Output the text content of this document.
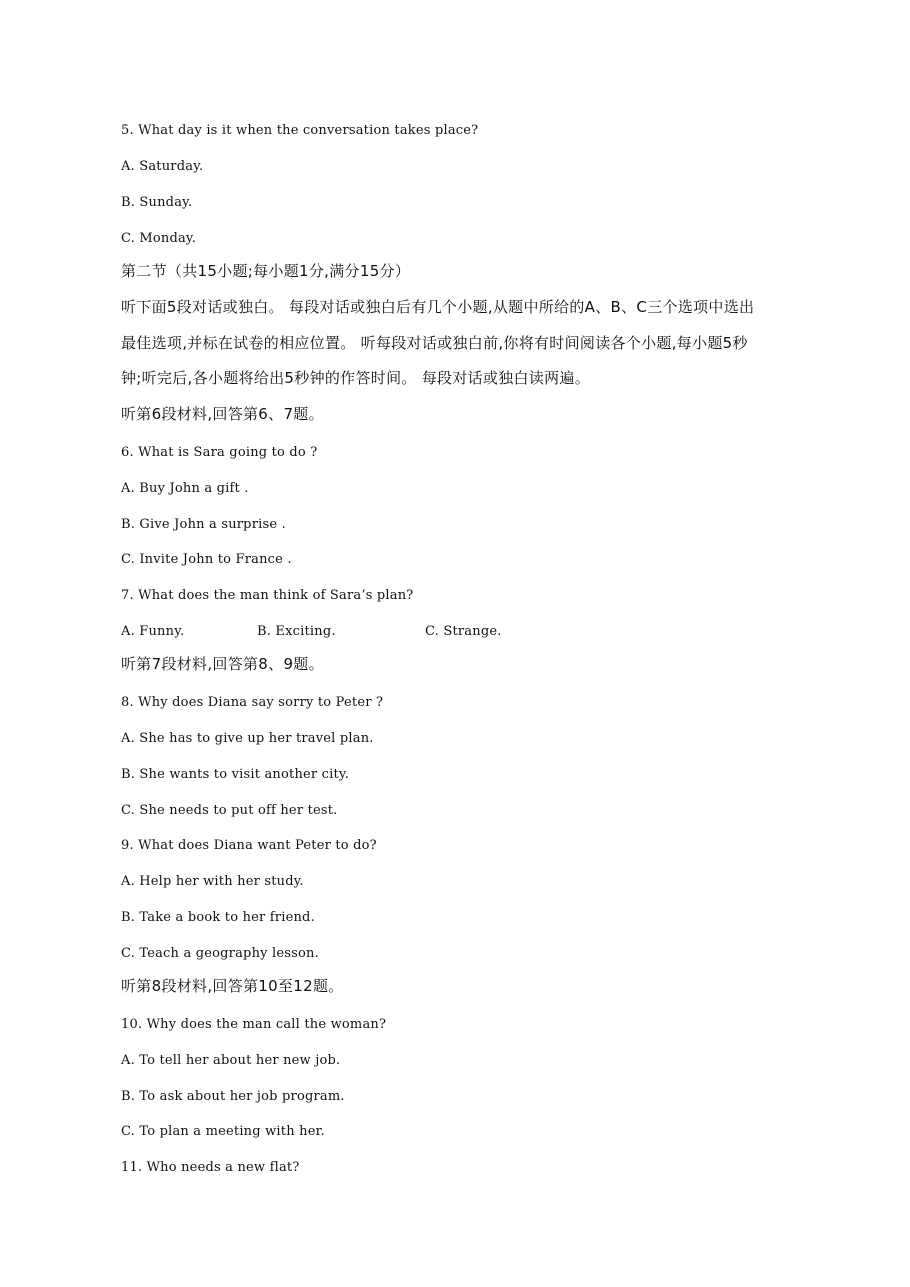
5. What day is it when the conversation takes place?
A. Saturday.
B. Sunday.
C. Monday.
第二节（共15小题;每小题1分,满分15分）
听下面5段对话或独白。 每段对话或独白后有几个小题,从题中所给的A、B、C三个选项中选出
最佳选项,并标在试卷的相应位置。 听每段对话或独白前,你将有时间阅读各个小题,每小题5秒
钟;听完后,各小题将给出5秒钟的作答时间。 每段对话或独白读两遍。
听第6段材料,回答第6、7题。
6. What is Sara going to do ?
A. Buy John a gift .
B. Give John a surprise .
C. Invite John to France .
7. What does the man think of Sara’s plan?
A. Funny.	B. Exciting.	C. Strange.
听第7段材料,回答第8、9题。
8. Why does Diana say sorry to Peter ?
A. She has to give up her travel plan.
B. She wants to visit another city.
C. She needs to put off her test.
9. What does Diana want Peter to do?
A. Help her with her study.
B. Take a book to her friend.
C. Teach a geography lesson.
听第8段材料,回答第10至12题。
10. Why does the man call the woman?
A. To tell her about her new job.
B. To ask about her job program.
C. To plan a meeting with her.
11. Who needs a new flat?
